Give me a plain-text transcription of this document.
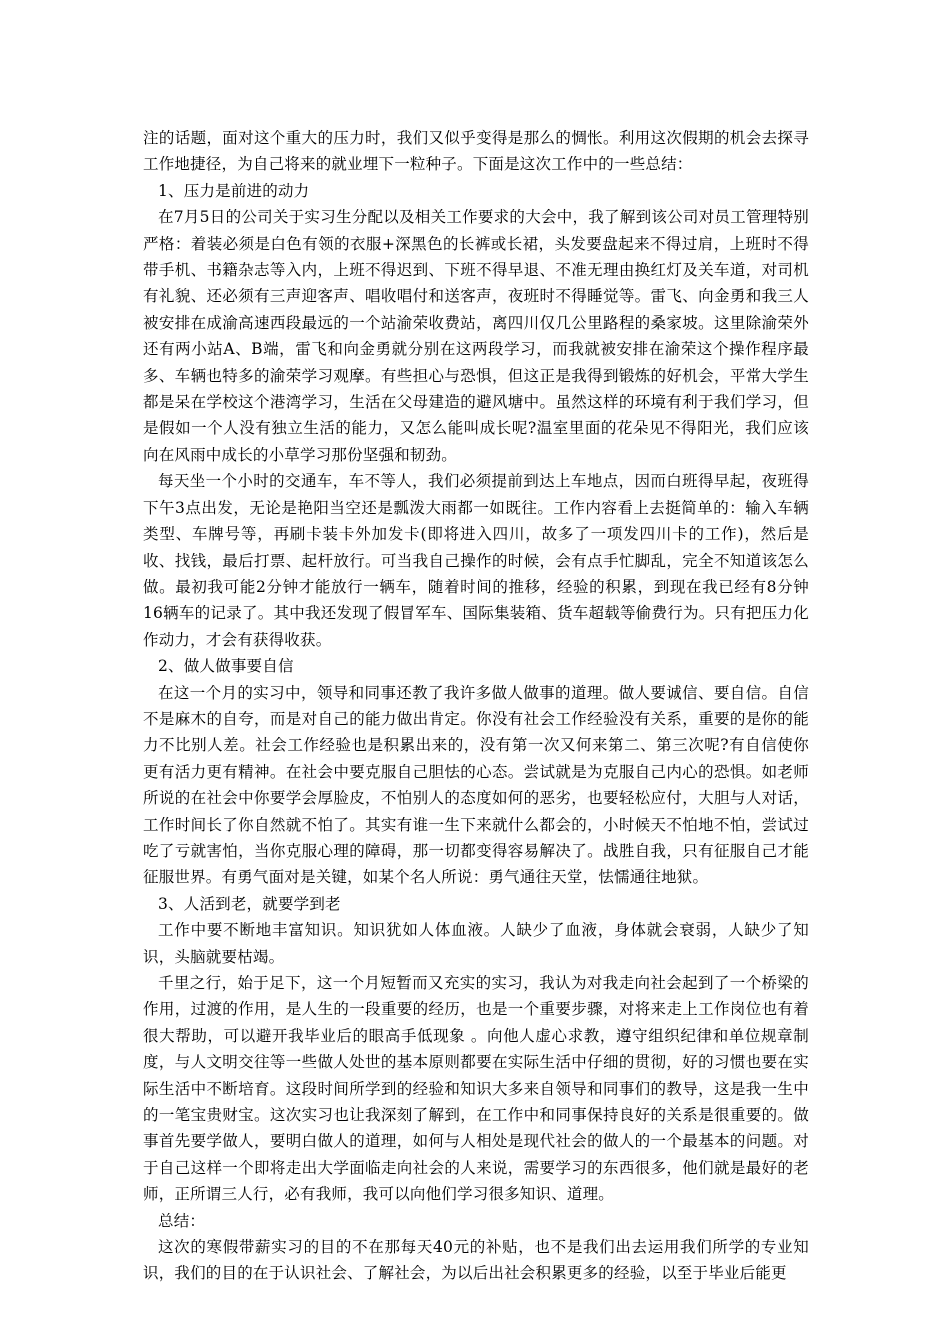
注的话题，面对这个重大的压力时，我们又似乎变得是那么的惆怅。利用这次假期的机会去探寻工作地捷径，为自己将来的就业埋下一粒种子。下面是这次工作中的一些总结：

1、压力是前进的动力

在7月5日的公司关于实习生分配以及相关工作要求的大会中，我了解到该公司对员工管理特别严格：着装必须是白色有领的衣服+深黑色的长裤或长裙，头发要盘起来不得过肩，上班时不得带手机、书籍杂志等入内，上班不得迟到、下班不得早退、不准无理由换红灯及关车道，对司机有礼貌、还必须有三声迎客声、唱收唱付和送客声，夜班时不得睡觉等。雷飞、向金勇和我三人被安排在成渝高速西段最远的一个站渝荣收费站，离四川仅几公里路程的桑家坡。这里除渝荣外还有两小站A、B端，雷飞和向金勇就分别在这两段学习，而我就被安排在渝荣这个操作程序最多、车辆也特多的渝荣学习观摩。有些担心与恐惧，但这正是我得到锻炼的好机会，平常大学生都是呆在学校这个港湾学习，生活在父母建造的避风塘中。虽然这样的环境有利于我们学习，但是假如一个人没有独立生活的能力，又怎么能叫成长呢?温室里面的花朵见不得阳光，我们应该向在风雨中成长的小草学习那份坚强和韧劲。

每天坐一个小时的交通车，车不等人，我们必须提前到达上车地点，因而白班得早起，夜班得下午3点出发，无论是艳阳当空还是瓢泼大雨都一如既往。工作内容看上去挺简单的：输入车辆类型、车牌号等，再刷卡装卡外加发卡(即将进入四川，故多了一项发四川卡的工作)，然后是收、找钱，最后打票、起杆放行。可当我自己操作的时候，会有点手忙脚乱，完全不知道该怎么做。最初我可能2分钟才能放行一辆车，随着时间的推移，经验的积累，到现在我已经有8分钟16辆车的记录了。其中我还发现了假冒军车、国际集装箱、货车超载等偷费行为。只有把压力化作动力，才会有获得收获。

2、做人做事要自信

在这一个月的实习中，领导和同事还教了我许多做人做事的道理。做人要诚信、要自信。自信不是麻木的自夸，而是对自己的能力做出肯定。你没有社会工作经验没有关系，重要的是你的能力不比别人差。社会工作经验也是积累出来的，没有第一次又何来第二、第三次呢?有自信使你更有活力更有精神。在社会中要克服自己胆怯的心态。尝试就是为克服自己内心的恐惧。如老师所说的在社会中你要学会厚脸皮，不怕别人的态度如何的恶劣，也要轻松应付，大胆与人对话，工作时间长了你自然就不怕了。其实有谁一生下来就什么都会的，小时候天不怕地不怕，尝试过吃了亏就害怕，当你克服心理的障碍，那一切都变得容易解决了。战胜自我，只有征服自己才能征服世界。有勇气面对是关键，如某个名人所说：勇气通往天堂，怯懦通往地狱。

3、人活到老，就要学到老

工作中要不断地丰富知识。知识犹如人体血液。人缺少了血液，身体就会衰弱，人缺少了知识，头脑就要枯竭。

千里之行，始于足下，这一个月短暂而又充实的实习，我认为对我走向社会起到了一个桥梁的作用，过渡的作用，是人生的一段重要的经历，也是一个重要步骤，对将来走上工作岗位也有着很大帮助，可以避开我毕业后的眼高手低现象 。向他人虚心求教，遵守组织纪律和单位规章制度，与人文明交往等一些做人处世的基本原则都要在实际生活中仔细的贯彻，好的习惯也要在实际生活中不断培育。这段时间所学到的经验和知识大多来自领导和同事们的教导，这是我一生中的一笔宝贵财宝。这次实习也让我深刻了解到，在工作中和同事保持良好的关系是很重要的。做事首先要学做人，要明白做人的道理，如何与人相处是现代社会的做人的一个最基本的问题。对于自己这样一个即将走出大学面临走向社会的人来说，需要学习的东西很多，他们就是最好的老师，正所谓三人行，必有我师，我可以向他们学习很多知识、道理。

总结：

这次的寒假带薪实习的目的不在那每天40元的补贴，也不是我们出去运用我们所学的专业知识，我们的目的在于认识社会、了解社会，为以后出社会积累更多的经验，以至于毕业后能更
